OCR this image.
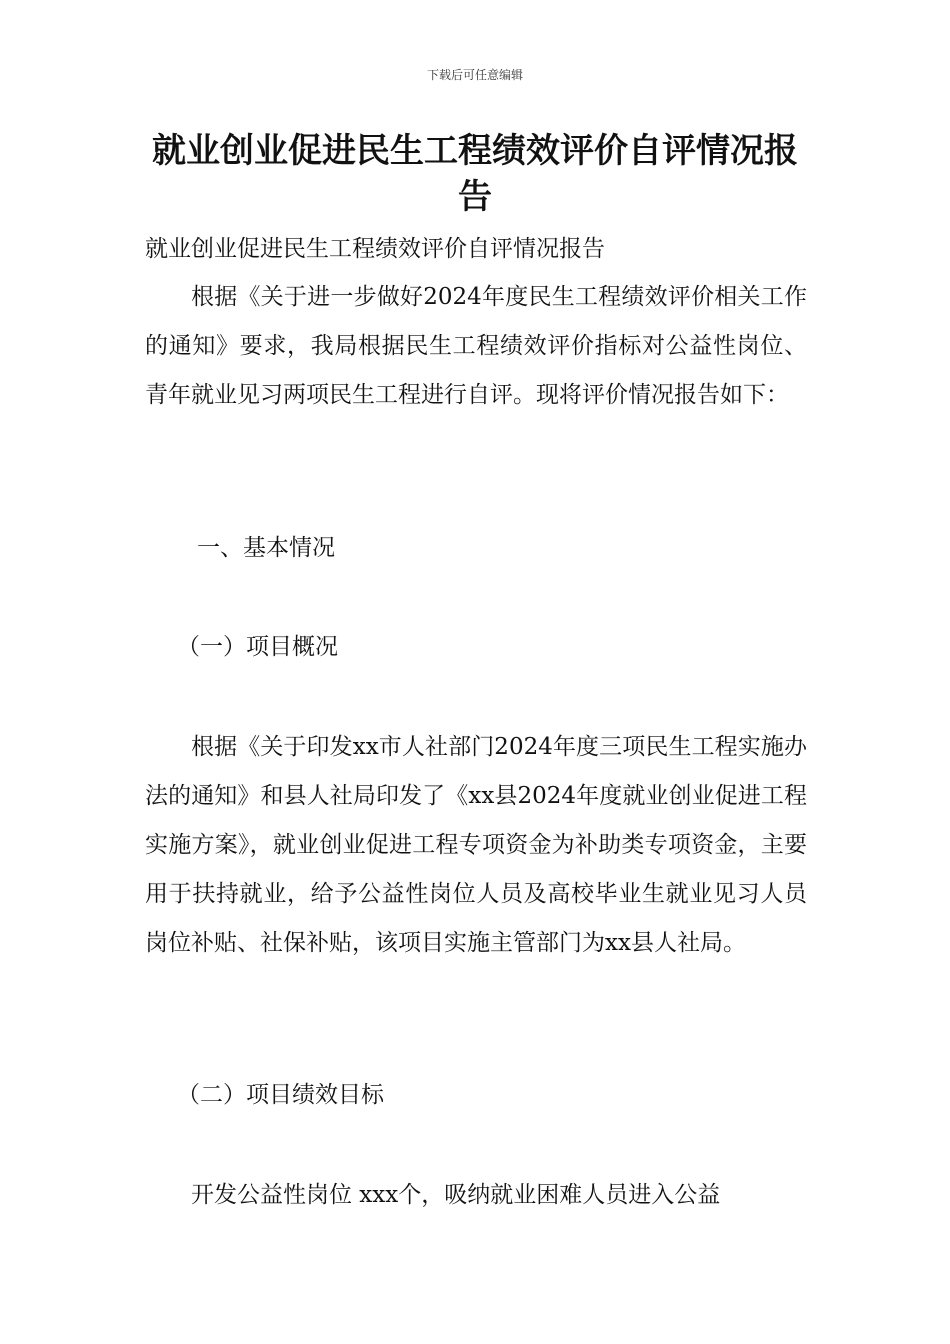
下载后可任意编辑
就业创业促进民生工程绩效评价自评情况报告

就业创业促进民生工程绩效评价自评情况报告

根据《关于进一步做好2024年度民生工程绩效评价相关工作的通知》要求，我局根据民生工程绩效评价指标对公益性岗位、青年就业见习两项民生工程进行自评。现将评价情况报告如下：

一、基本情况

（一）项目概况

根据《关于印发xx市人社部门2024年度三项民生工程实施办法的通知》和县人社局印发了《xx县2024年度就业创业促进工程实施方案》，就业创业促进工程专项资金为补助类专项资金，主要用于扶持就业，给予公益性岗位人员及高校毕业生就业见习人员岗位补贴、社保补贴，该项目实施主管部门为xx县人社局。

（二）项目绩效目标

开发公益性岗位 xxx个，吸纳就业困难人员进入公益
